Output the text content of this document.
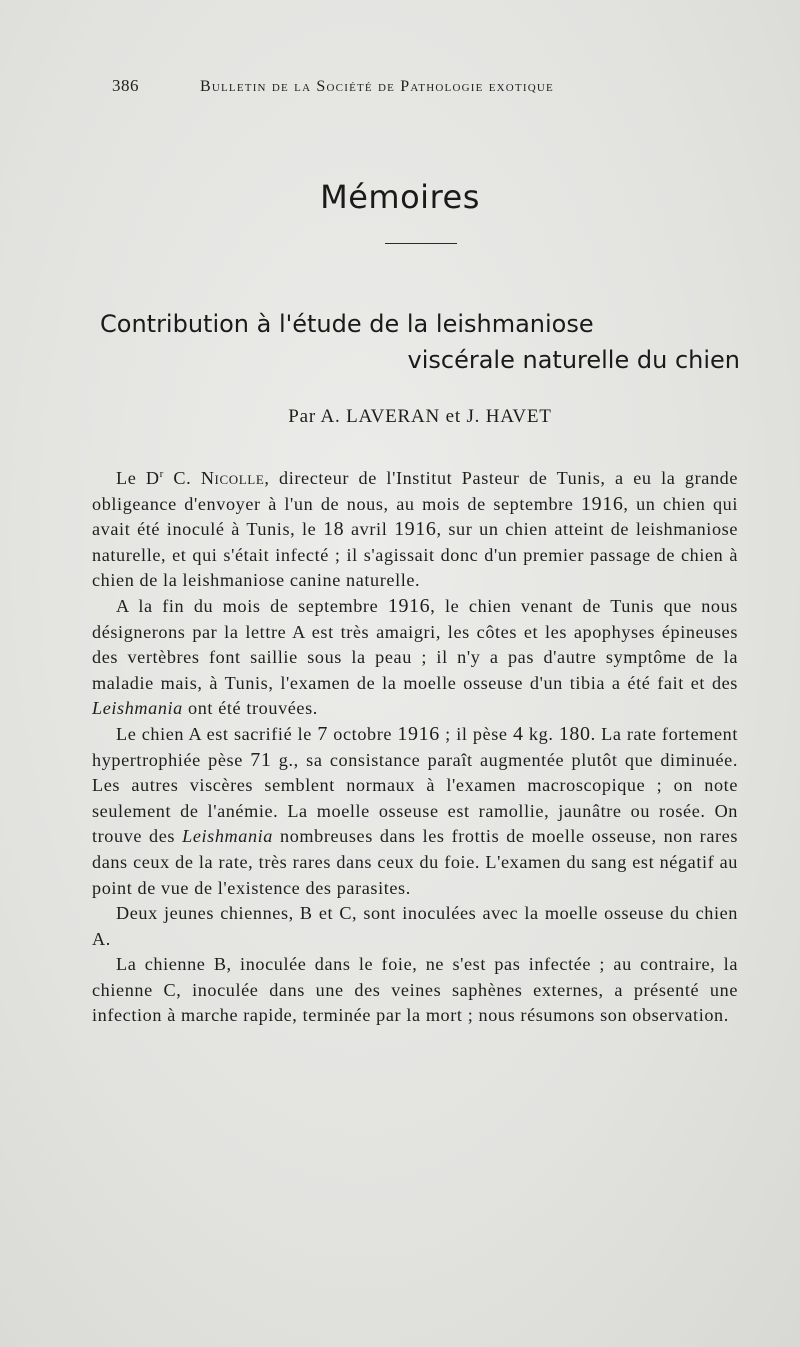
386	Bulletin de la Société de Pathologie exotique
Mémoires
Contribution à l'étude de la leishmaniose
viscérale naturelle du chien
Par A. LAVERAN et J. HAVET

Le $D^r$ C. Nicolle, directeur de l'Institut Pasteur de Tunis, a eu la grande obligeance d'envoyer à l'un de nous, au mois de septembre 1916, un chien qui avait été inoculé à Tunis, le 18 avril 1916, sur un chien atteint de leishmaniose naturelle, et qui s'était infecté ; il s'agissait donc d'un premier passage de chien à chien de la leishmaniose canine naturelle.

A la fin du mois de septembre 1916, le chien venant de Tunis que nous désignerons par la lettre A est très amaigri, les côtes et les apophyses épineuses des vertèbres font saillie sous la peau ; il n'y a pas d'autre symptôme de la maladie mais, à Tunis, l'examen de la moelle osseuse d'un tibia a été fait et des Leishmania ont été trouvées.

Le chien A est sacrifié le 7 octobre 1916 ; il pèse 4 kg. 180. La rate fortement hypertrophiée pèse 71 g., sa consistance paraît augmentée plutôt que diminuée. Les autres viscères semblent normaux à l'examen macroscopique ; on note seulement de l'anémie. La moelle osseuse est ramollie, jaunâtre ou rosée. On trouve des Leishmania nombreuses dans les frottis de moelle osseuse, non rares dans ceux de la rate, très rares dans ceux du foie. L'examen du sang est négatif au point de vue de l'existence des parasites.

Deux jeunes chiennes, B et C, sont inoculées avec la moelle osseuse du chien A.

La chienne B, inoculée dans le foie, ne s'est pas infectée ; au contraire, la chienne C, inoculée dans une des veines saphènes externes, a présenté une infection à marche rapide, terminée par la mort ; nous résumons son observation.
